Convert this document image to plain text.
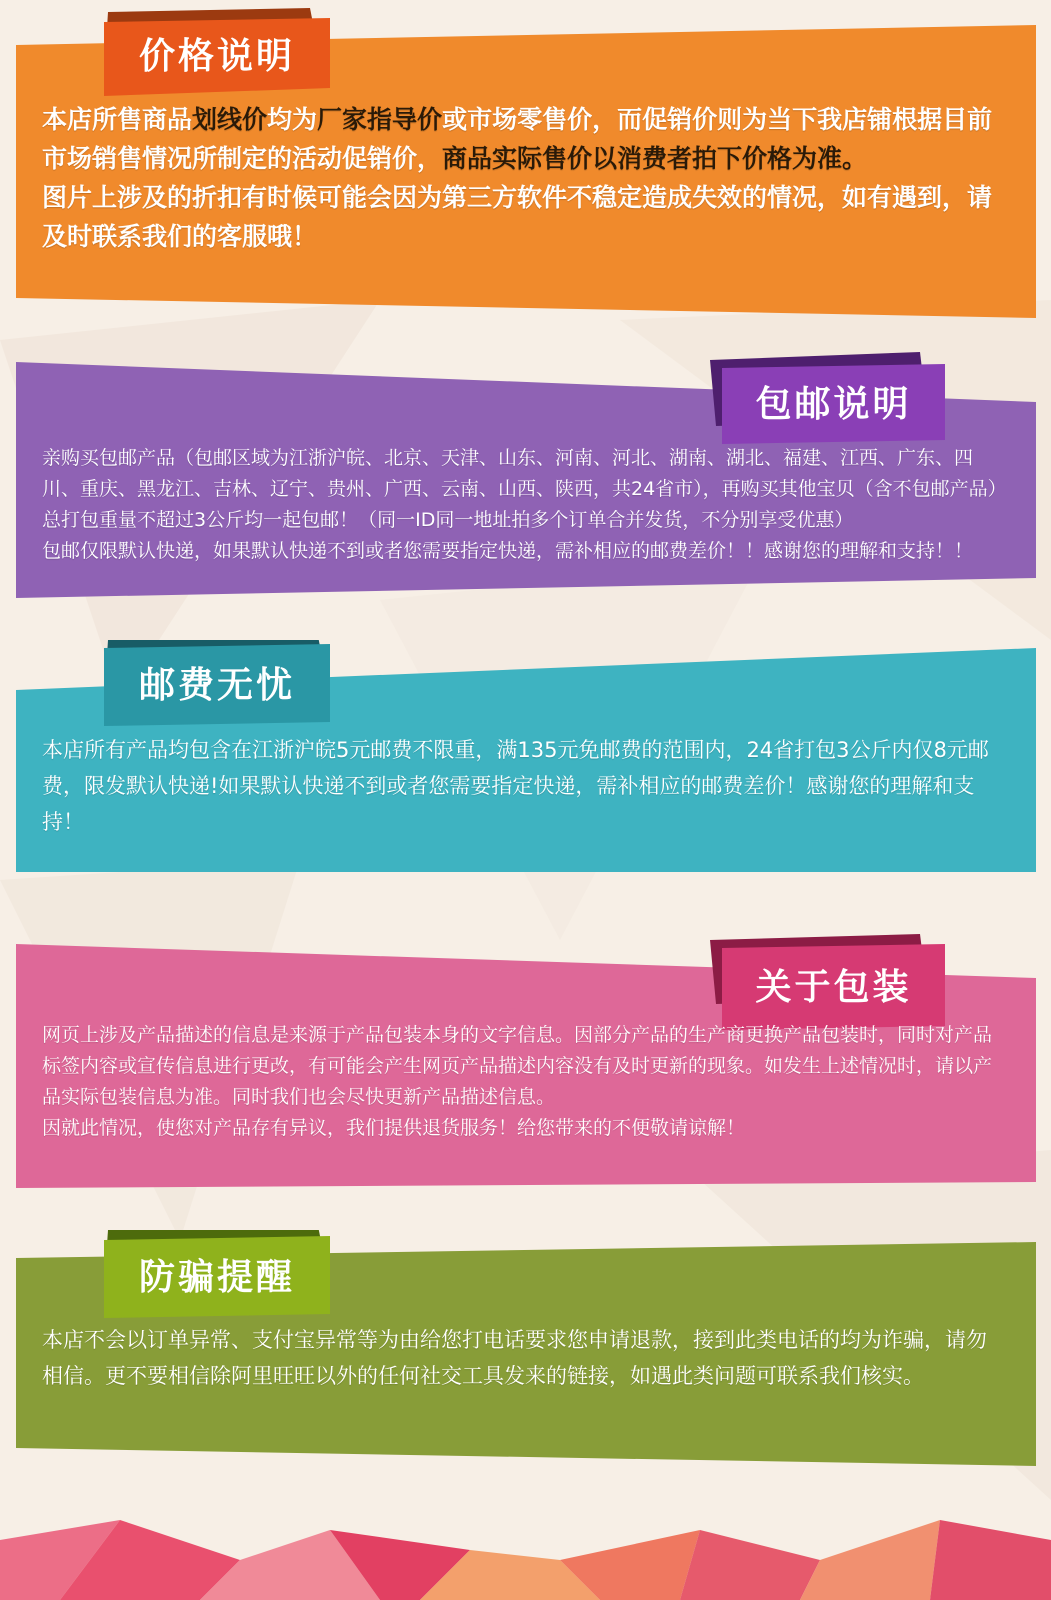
价格说明

本店所售商品划线价均为厂家指导价或市场零售价，而促销价则为当下我店铺根据目前市场销售情况所制定的活动促销价，商品实际售价以消费者拍下价格为准。

图片上涉及的折扣有时候可能会因为第三方软件不稳定造成失效的情况，如有遇到，请及时联系我们的客服哦！

包邮说明

亲购买包邮产品（包邮区域为江浙沪皖、北京、天津、山东、河南、河北、湖南、湖北、福建、江西、广东、四川、重庆、黑龙江、吉林、辽宁、贵州、广西、云南、山西、陕西，共24省市），再购买其他宝贝（含不包邮产品）总打包重量不超过3公斤均一起包邮！（同一ID同一地址拍多个订单合并发货，不分别享受优惠）

包邮仅限默认快递，如果默认快递不到或者您需要指定快递，需补相应的邮费差价！！感谢您的理解和支持！！

邮费无忧

本店所有产品均包含在江浙沪皖5元邮费不限重，满135元免邮费的范围内，24省打包3公斤内仅8元邮费，限发默认快递!如果默认快递不到或者您需要指定快递，需补相应的邮费差价！感谢您的理解和支持！

关于包装

网页上涉及产品描述的信息是来源于产品包装本身的文字信息。因部分产品的生产商更换产品包装时，同时对产品标签内容或宣传信息进行更改，有可能会产生网页产品描述内容没有及时更新的现象。如发生上述情况时，请以产品实际包装信息为准。同时我们也会尽快更新产品描述信息。

因就此情况，使您对产品存有异议，我们提供退货服务！给您带来的不便敬请谅解！

防骗提醒

本店不会以订单异常、支付宝异常等为由给您打电话要求您申请退款，接到此类电话的均为诈骗，请勿相信。更不要相信除阿里旺旺以外的任何社交工具发来的链接，如遇此类问题可联系我们核实。
